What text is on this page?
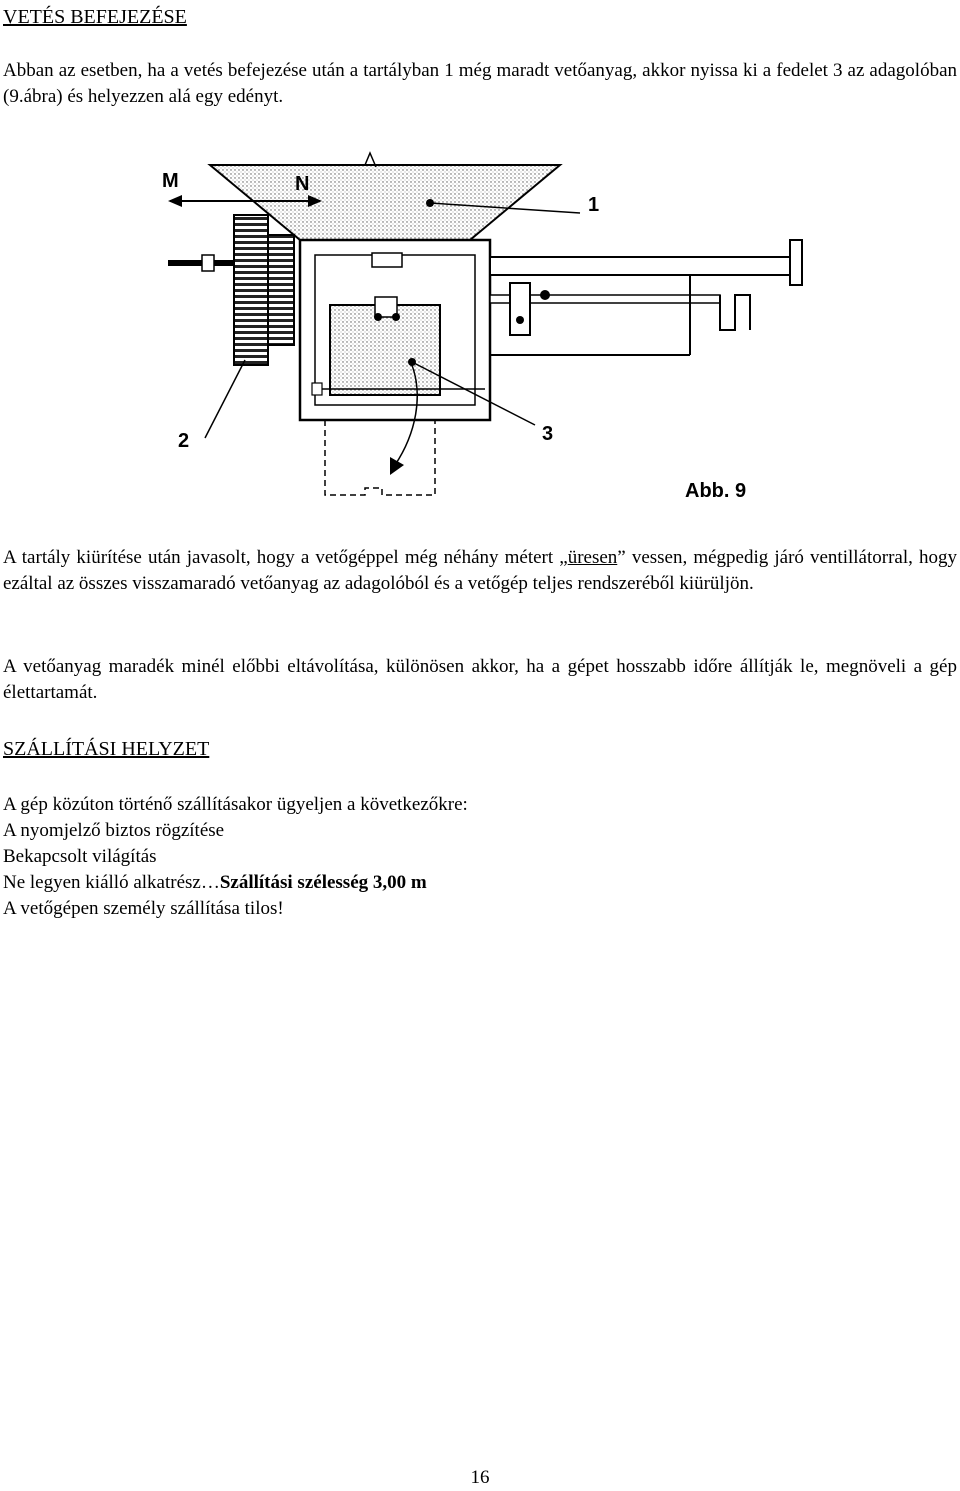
VETÉS BEFEJEZÉSE

Abban az esetben, ha a vetés befejezése után a tartályban 1 még maradt vetőanyag, akkor nyissa ki a fedelet 3 az adagolóban (9.ábra) és helyezzen alá egy edényt.

M	N
1
3
2
Abb. 9

A tartály kiürítése után javasolt, hogy a vetőgéppel még néhány métert „üresen” vessen, mégpedig járó ventillátorral, hogy ezáltal az összes visszamaradó vetőanyag az adagolóból és a vetőgép teljes rendszeréből kiürüljön.

A vetőanyag maradék minél előbbi eltávolítása, különösen akkor, ha a gépet hosszabb időre állítják le, megnöveli a gép élettartamát.

SZÁLLÍTÁSI HELYZET
A gép közúton történő szállításakor ügyeljen a következőkre:
A nyomjelző biztos rögzítése
Bekapcsolt világítás
Ne legyen kiálló alkatrész…Szállítási szélesség 3,00 m
A vetőgépen személy szállítása tilos!
16
